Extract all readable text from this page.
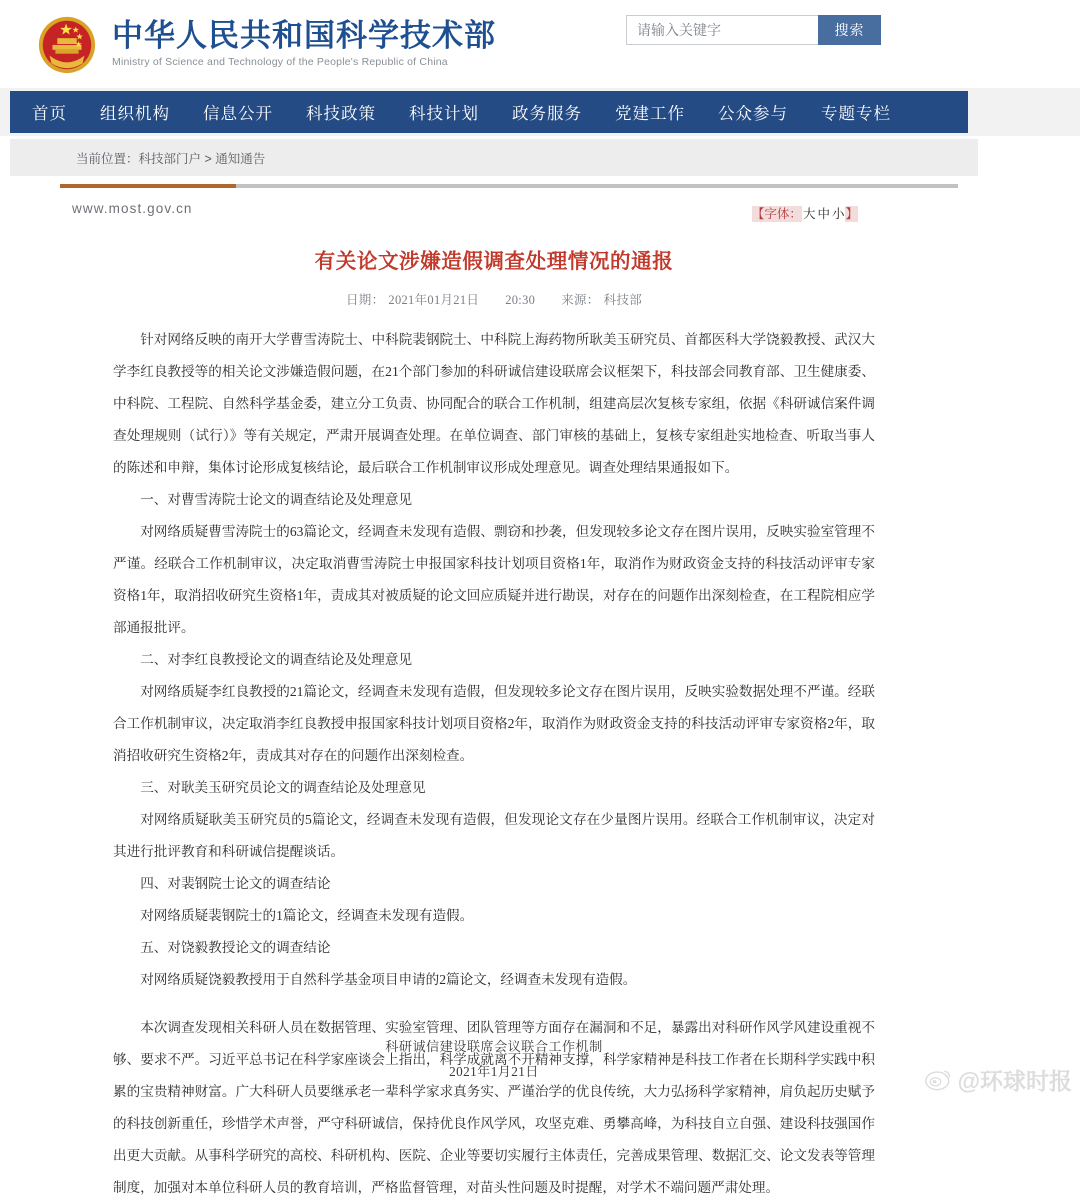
中华人民共和国科学技术部
Ministry of Science and Technology of the People's Republic of China
请输入关键字
搜索
首页 组织机构 信息公开 科技政策 科技计划 政务服务 党建工作 公众参与 专题专栏
当前位置：科技部门户 > 通知通告
www.most.gov.cn	【字体：大 中 小】
有关论文涉嫌造假调查处理情况的通报
日期： 2021年01月21日 20:30 来源： 科技部

针对网络反映的南开大学曹雪涛院士、中科院裴钢院士、中科院上海药物所耿美玉研究员、首都医科大学饶毅教授、武汉大学李红良教授等的相关论文涉嫌造假问题，在21个部门参加的科研诚信建设联席会议框架下，科技部会同教育部、卫生健康委、中科院、工程院、自然科学基金委，建立分工负责、协同配合的联合工作机制，组建高层次复核专家组，依据《科研诚信案件调查处理规则（试行）》等有关规定，严肃开展调查处理。在单位调查、部门审核的基础上，复核专家组赴实地检查、听取当事人的陈述和申辩，集体讨论形成复核结论，最后联合工作机制审议形成处理意见。调查处理结果通报如下。

一、对曹雪涛院士论文的调查结论及处理意见

对网络质疑曹雪涛院士的63篇论文，经调查未发现有造假、剽窃和抄袭，但发现较多论文存在图片误用，反映实验室管理不严谨。经联合工作机制审议，决定取消曹雪涛院士申报国家科技计划项目资格1年，取消作为财政资金支持的科技活动评审专家资格1年，取消招收研究生资格1年，责成其对被质疑的论文回应质疑并进行勘误，对存在的问题作出深刻检查，在工程院相应学部通报批评。

二、对李红良教授论文的调查结论及处理意见

对网络质疑李红良教授的21篇论文，经调查未发现有造假，但发现较多论文存在图片误用，反映实验数据处理不严谨。经联合工作机制审议，决定取消李红良教授申报国家科技计划项目资格2年，取消作为财政资金支持的科技活动评审专家资格2年，取消招收研究生资格2年，责成其对存在的问题作出深刻检查。

三、对耿美玉研究员论文的调查结论及处理意见

对网络质疑耿美玉研究员的5篇论文，经调查未发现有造假，但发现论文存在少量图片误用。经联合工作机制审议，决定对其进行批评教育和科研诚信提醒谈话。

四、对裴钢院士论文的调查结论

对网络质疑裴钢院士的1篇论文，经调查未发现有造假。

五、对饶毅教授论文的调查结论

对网络质疑饶毅教授用于自然科学基金项目申请的2篇论文，经调查未发现有造假。

本次调查发现相关科研人员在数据管理、实验室管理、团队管理等方面存在漏洞和不足，暴露出对科研作风学风建设重视不够、要求不严。习近平总书记在科学家座谈会上指出，科学成就离不开精神支撑，科学家精神是科技工作者在长期科学实践中积累的宝贵精神财富。广大科研人员要继承老一辈科学家求真务实、严谨治学的优良传统，大力弘扬科学家精神，肩负起历史赋予的科技创新重任，珍惜学术声誉，严守科研诚信，保持优良作风学风，攻坚克难、勇攀高峰，为科技自立自强、建设科技强国作出更大贡献。从事科学研究的高校、科研机构、医院、企业等要切实履行主体责任，完善成果管理、数据汇交、论文发表等管理制度，加强对本单位科研人员的教育培训，严格监督管理，对苗头性问题及时提醒，对学术不端问题严肃处理。

科研诚信建设联席会议联合工作机制
2021年1月21日	@环球时报
